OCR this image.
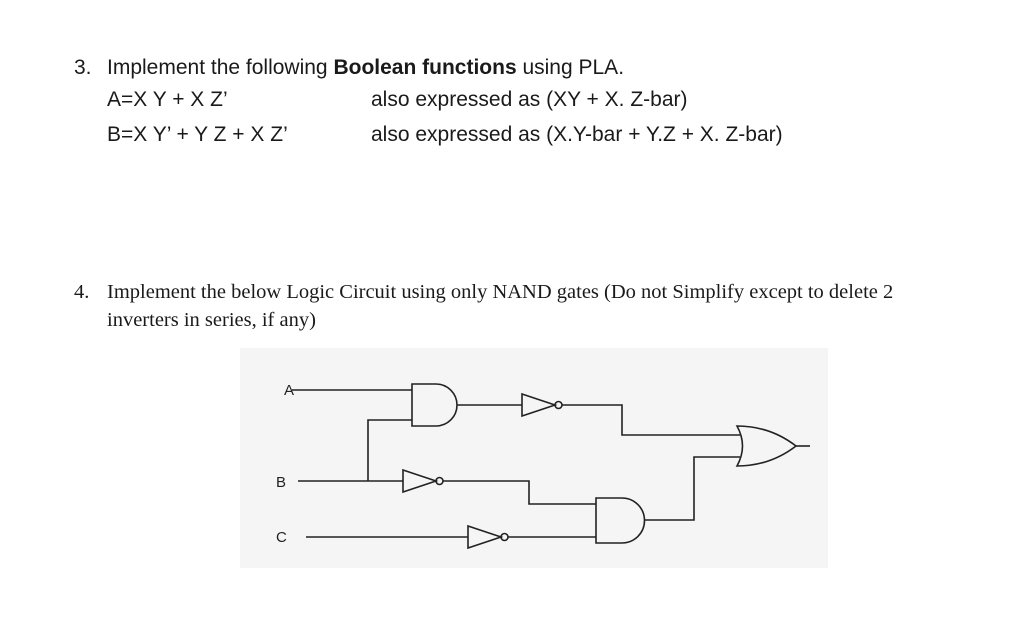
3. Implement the following Boolean functions using PLA.
A=X Y + X Z’	also expressed as (XY + X. Z-bar)
B=X Y’ + Y Z + X Z’	also expressed as (X.Y-bar + Y.Z + X. Z-bar)
4. Implement the below Logic Circuit using only NAND gates (Do not Simplify except to delete 2 inverters in series, if any)
A
B
C
